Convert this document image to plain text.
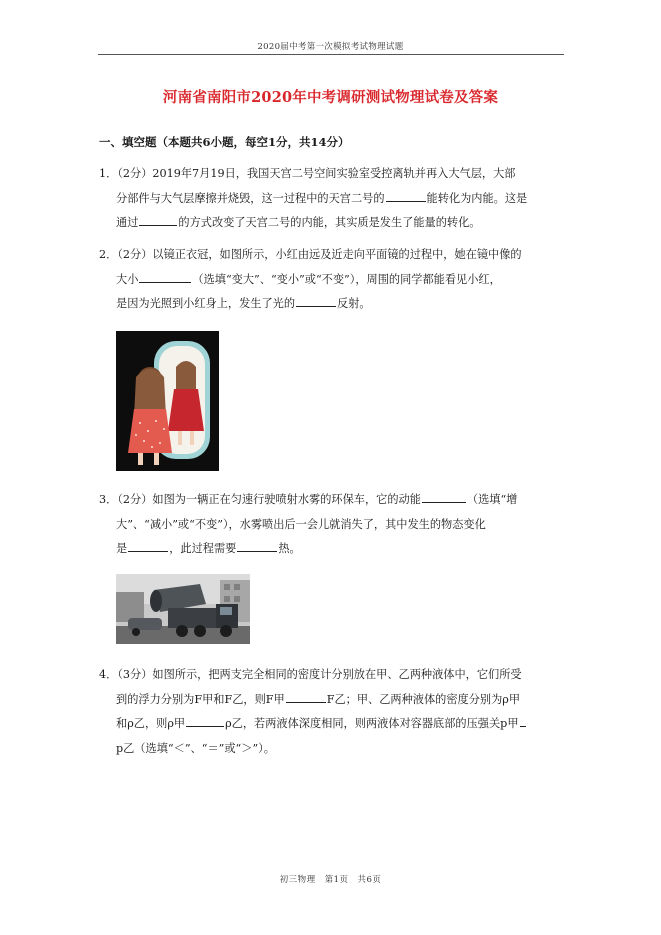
2020届中考第一次模拟考试物理试题
河南省南阳市2020年中考调研测试物理试卷及答案
一、填空题（本题共6小题，每空1分，共14分）
1．（2分）2019年7月19日，我国天宫二号空间实验室受控离轨并再入大气层，大部
分部件与大气层摩擦并烧毁，这一过程中的天宫二号的	能转化为内能。这是
通过	的方式改变了天宫二号的内能，其实质是发生了能量的转化。
2．（2分）以镜正衣冠，如图所示，小红由远及近走向平面镜的过程中，她在镜中像的
大小	（选填“变大”、“变小”或“不变”），周围的同学都能看见小红，
是因为光照到小红身上，发生了光的	反射。
3．（2分）如图为一辆正在匀速行驶喷射水雾的环保车，它的动能	（选填“增
大”、“减小”或“不变”），水雾喷出后一会儿就消失了，其中发生的物态变化
是	，此过程需要	热。
4．（3分）如图所示，把两支完全相同的密度计分别放在甲、乙两种液体中，它们所受
到的浮力分别为F甲和F乙，则F甲	F乙；甲、乙两种液体的密度分别为ρ甲
和ρ乙，则ρ甲	ρ乙，若两液体深度相同，则两液体对容器底部的压强关p甲
p乙（选填“＜”、“＝”或“＞”）。
初三物理　第1页　共6页
